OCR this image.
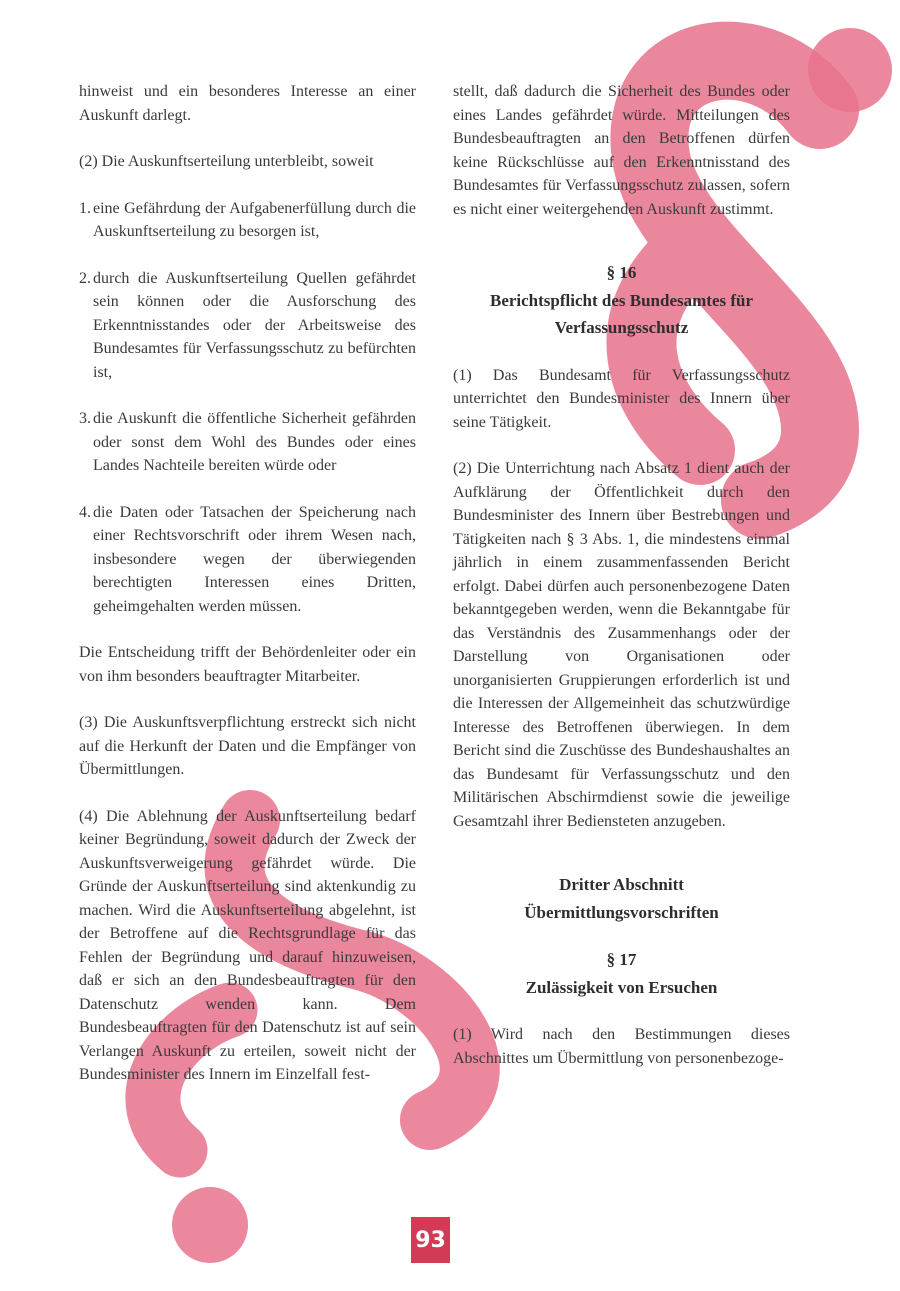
hinweist und ein besonderes Interesse an einer Auskunft darlegt.

(2) Die Auskunftserteilung unterbleibt, soweit

1. eine Gefährdung der Aufgabenerfüllung durch die Auskunftserteilung zu besorgen ist,
2. durch die Auskunftserteilung Quellen gefährdet sein können oder die Ausforschung des Erkenntnisstandes oder der Arbeitsweise des Bundesamtes für Verfassungsschutz zu befürchten ist,
3. die Auskunft die öffentliche Sicherheit gefährden oder sonst dem Wohl des Bundes oder eines Landes Nachteile bereiten würde oder
4. die Daten oder Tatsachen der Speicherung nach einer Rechtsvorschrift oder ihrem Wesen nach, insbesondere wegen der überwiegenden berechtigten Interessen eines Dritten, geheimgehalten werden müssen.

Die Entscheidung trifft der Behördenleiter oder ein von ihm besonders beauftragter Mitarbeiter.

(3) Die Auskunftsverpflichtung erstreckt sich nicht auf die Herkunft der Daten und die Empfänger von Übermittlungen.

(4) Die Ablehnung der Auskunftserteilung bedarf keiner Begründung, soweit dadurch der Zweck der Auskunftsverweigerung gefährdet würde. Die Gründe der Auskunftserteilung sind aktenkundig zu machen. Wird die Auskunftserteilung abgelehnt, ist der Betroffene auf die Rechtsgrundlage für das Fehlen der Begründung und darauf hinzuweisen, daß er sich an den Bundesbeauftragten für den Datenschutz wenden kann. Dem Bundesbeauftragten für den Datenschutz ist auf sein Verlangen Auskunft zu erteilen, soweit nicht der Bundesminister des Innern im Einzelfall fest-

stellt, daß dadurch die Sicherheit des Bundes oder eines Landes gefährdet würde. Mitteilungen des Bundesbeauftragten an den Betroffenen dürfen keine Rückschlüsse auf den Erkenntnisstand des Bundesamtes für Verfassungsschutz zulassen, sofern es nicht einer weitergehenden Auskunft zustimmt.

§ 16
Berichtspflicht des Bundesamtes für
Verfassungsschutz

(1) Das Bundesamt für Verfassungsschutz unterrichtet den Bundesminister des Innern über seine Tätigkeit.

(2) Die Unterrichtung nach Absatz 1 dient auch der Aufklärung der Öffentlichkeit durch den Bundesminister des Innern über Bestrebungen und Tätigkeiten nach § 3 Abs. 1, die mindestens einmal jährlich in einem zusammenfassenden Bericht erfolgt. Dabei dürfen auch personenbezogene Daten bekanntgegeben werden, wenn die Bekanntgabe für das Verständnis des Zusammenhangs oder der Darstellung von Organisationen oder unorganisierten Gruppierungen erforderlich ist und die Interessen der Allgemeinheit das schutzwürdige Interesse des Betroffenen überwiegen. In dem Bericht sind die Zuschüsse des Bundeshaushaltes an das Bundesamt für Verfassungsschutz und den Militärischen Abschirmdienst sowie die jeweilige Gesamtzahl ihrer Bediensteten anzugeben.

Dritter Abschnitt
Übermittlungsvorschriften
§ 17
Zulässigkeit von Ersuchen

(1) Wird nach den Bestimmungen dieses Abschnittes um Übermittlung von personenbezoge-

93
